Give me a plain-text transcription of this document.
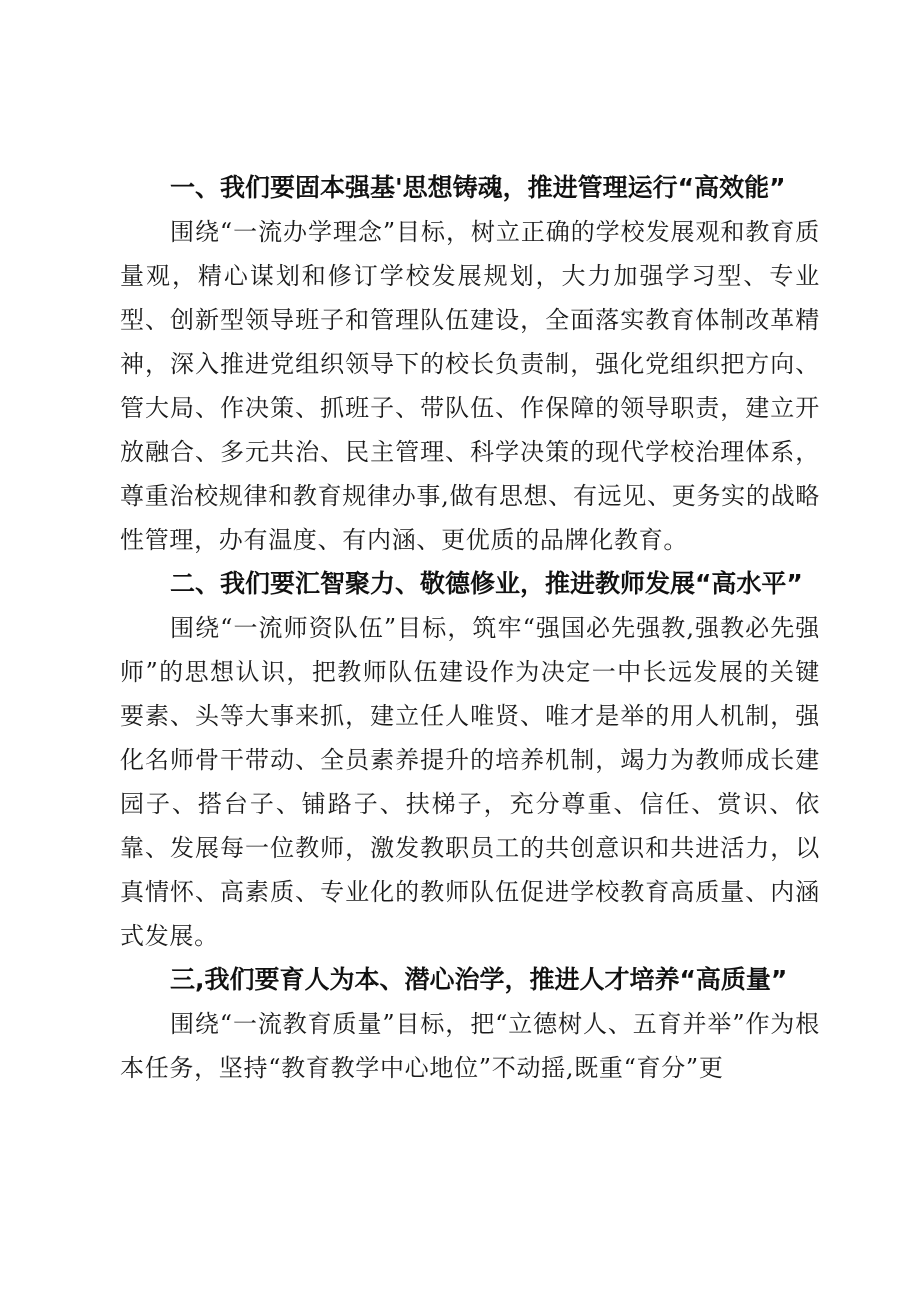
一、我们要固本强基'思想铸魂，推进管理运行“高效能”

围绕“一流办学理念”目标，树立正确的学校发展观和教育质量观，精心谋划和修订学校发展规划，大力加强学习型、专业型、创新型领导班子和管理队伍建设，全面落实教育体制改革精神，深入推进党组织领导下的校长负责制，强化党组织把方向、管大局、作决策、抓班子、带队伍、作保障的领导职责，建立开放融合、多元共治、民主管理、科学决策的现代学校治理体系，尊重治校规律和教育规律办事,做有思想、有远见、更务实的战略性管理，办有温度、有内涵、更优质的品牌化教育。

二、我们要汇智聚力、敬德修业，推进教师发展“高水平”

围绕“一流师资队伍”目标，筑牢“强国必先强教,强教必先强师”的思想认识，把教师队伍建设作为决定一中长远发展的关键要素、头等大事来抓，建立任人唯贤、唯才是举的用人机制，强化名师骨干带动、全员素养提升的培养机制，竭力为教师成长建园子、搭台子、铺路子、扶梯子，充分尊重、信任、赏识、依靠、发展每一位教师，激发教职员工的共创意识和共进活力，以真情怀、高素质、专业化的教师队伍促进学校教育高质量、内涵式发展。

三,我们要育人为本、潜心治学，推进人才培养“高质量”

围绕“一流教育质量”目标，把“立德树人、五育并举”作为根本任务，坚持“教育教学中心地位”不动摇,既重“育分”更
